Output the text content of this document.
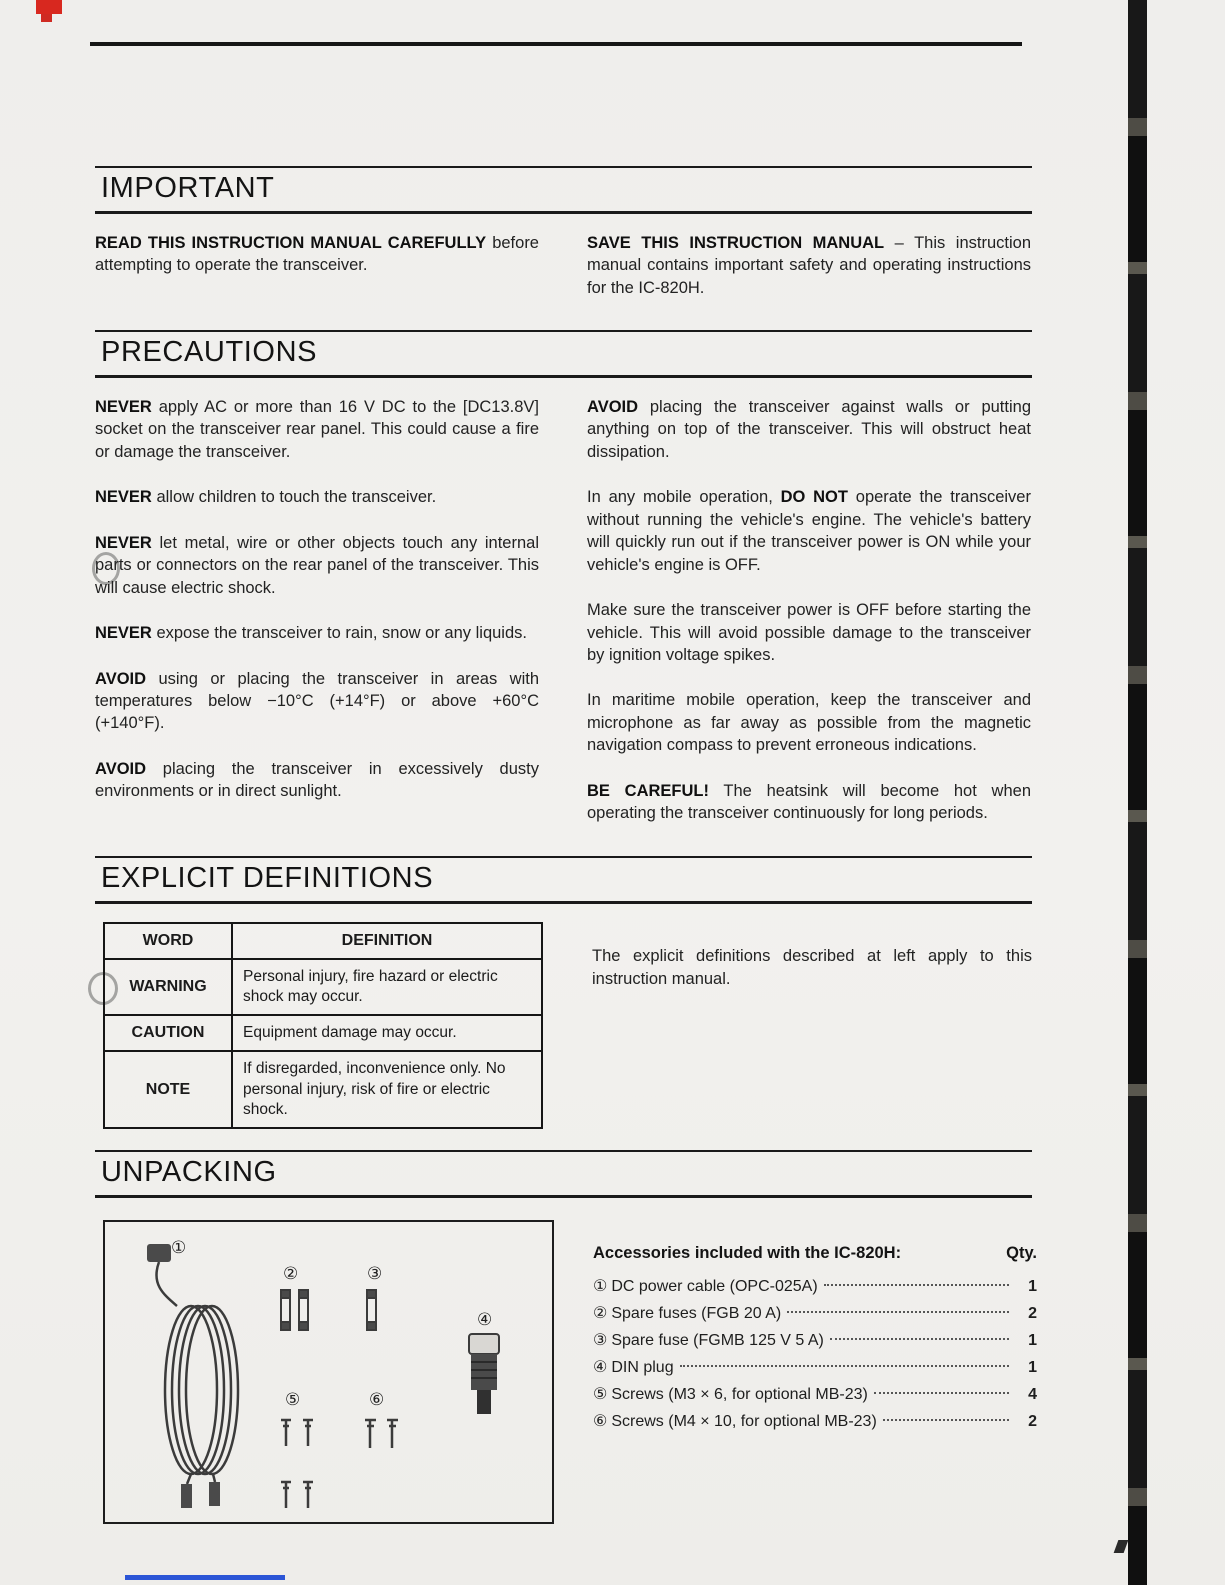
IMPORTANT

READ THIS INSTRUCTION MANUAL CAREFULLY before attempting to operate the transceiver.

SAVE THIS INSTRUCTION MANUAL – This instruction manual contains important safety and operating instructions for the IC-820H.

PRECAUTIONS

NEVER apply AC or more than 16 V DC to the [DC13.8V] socket on the transceiver rear panel. This could cause a fire or damage the transceiver.

NEVER allow children to touch the transceiver.

NEVER let metal, wire or other objects touch any internal parts or connectors on the rear panel of the transceiver. This will cause electric shock.

NEVER expose the transceiver to rain, snow or any liquids.

AVOID using or placing the transceiver in areas with temperatures below −10°C (+14°F) or above +60°C (+140°F).

AVOID placing the transceiver in excessively dusty environments or in direct sunlight.

AVOID placing the transceiver against walls or putting anything on top of the transceiver. This will obstruct heat dissipation.

In any mobile operation, DO NOT operate the transceiver without running the vehicle's engine. The vehicle's battery will quickly run out if the transceiver power is ON while your vehicle's engine is OFF.

Make sure the transceiver power is OFF before starting the vehicle. This will avoid possible damage to the transceiver by ignition voltage spikes.

In maritime mobile operation, keep the transceiver and microphone as far away as possible from the magnetic navigation compass to prevent erroneous indications.

BE CAREFUL! The heatsink will become hot when operating the transceiver continuously for long periods.

EXPLICIT DEFINITIONS
WORD	DEFINITION
WARNING	Personal injury, fire hazard or electric shock may occur.
CAUTION	Equipment damage may occur.
NOTE	If disregarded, inconvenience only. No personal injury, risk of fire or electric shock.

The explicit definitions described at left apply to this instruction manual.

UNPACKING
①
②	③
④
⑤	⑥
Accessories included with the IC-820H:	Qty.
① DC power cable (OPC-025A)	1
② Spare fuses (FGB 20 A)	2
③ Spare fuse (FGMB 125 V 5 A)	1
④ DIN plug	1
⑤ Screws (M3 × 6, for optional MB-23)	4
⑥ Screws (M4 × 10, for optional MB-23)	2
